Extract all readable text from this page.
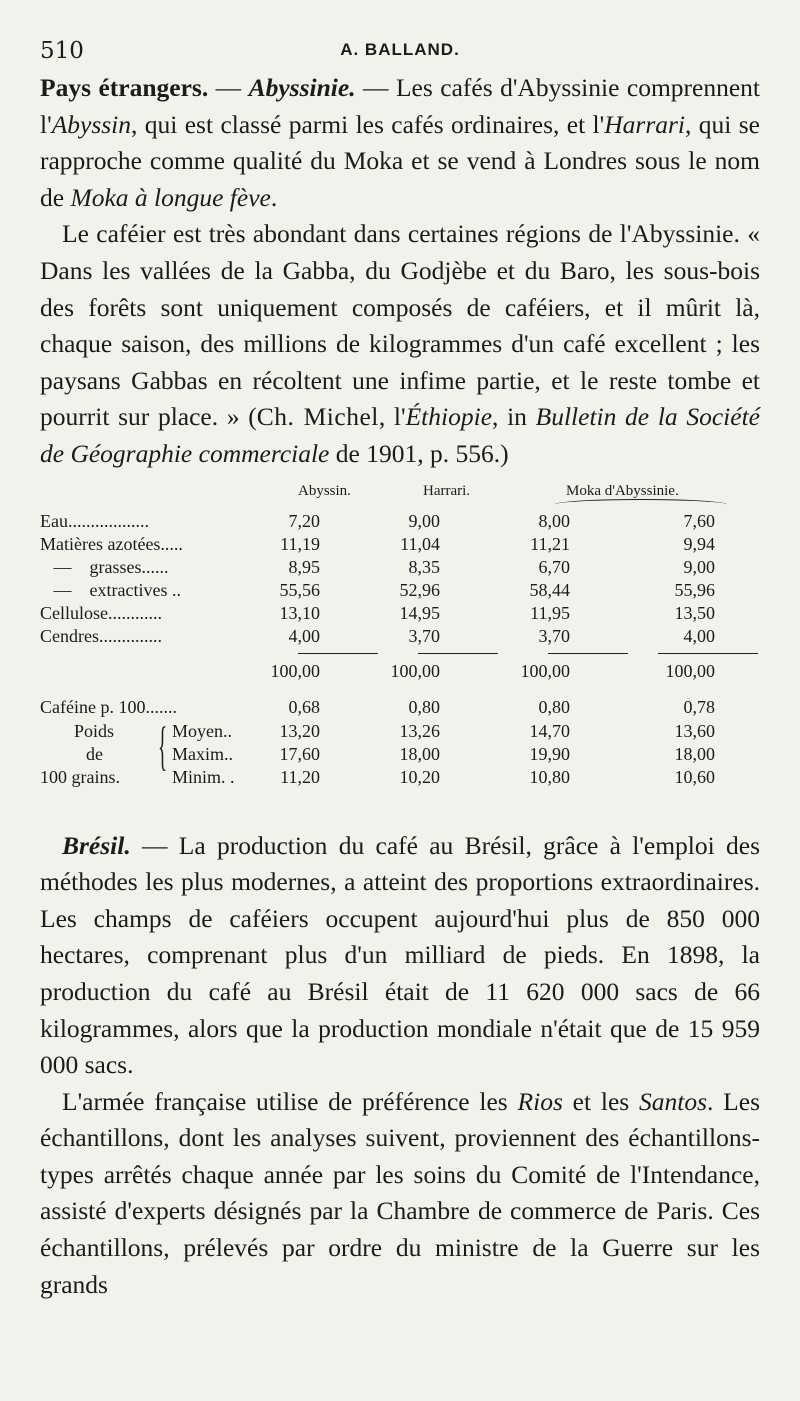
510	A. BALLAND.

Pays étrangers. — Abyssinie. — Les cafés d'Abyssinie comprennent l'Abyssin, qui est classé parmi les cafés ordinaires, et l'Harrari, qui se rapproche comme qualité du Moka et se vend à Londres sous le nom de Moka à longue fève.

Le caféier est très abondant dans certaines régions de l'Abyssinie. « Dans les vallées de la Gabba, du Godjèbe et du Baro, les sous-bois des forêts sont uniquement composés de caféiers, et il mûrit là, chaque saison, des millions de kilogrammes d'un café excellent ; les paysans Gabbas en récoltent une infime partie, et le reste tombe et pourrit sur place. » (Ch. Michel, l'Éthiopie, in Bulletin de la Société de Géographie commerciale de 1901, p. 556.)

Abyssin.	Harrari.	Moka d'Abyssinie.
Eau..................	7,20	9,00	8,00	7,60
Matières azotées.....	11,19	11,04	11,21	9,94
—    grasses......	8,95	8,35	6,70	9,00
—    extractives ..	55,56	52,96	58,44	55,96
Cellulose............	13,10	14,95	11,95	13,50
Cendres..............	4,00	3,70	3,70	4,00
100,00	100,00	100,00	100,00
Caféine p. 100.......	0,68	0,80	0,80	0,78
Poids
de
100 grains.
{ Moyen..	13,20	13,26	14,70	13,60
Maxim..	17,60	18,00	19,90	18,00
Minim. .	11,20	10,20	10,80	10,60

Brésil. — La production du café au Brésil, grâce à l'emploi des méthodes les plus modernes, a atteint des proportions extraordinaires. Les champs de caféiers occupent aujourd'hui plus de 850 000 hectares, comprenant plus d'un milliard de pieds. En 1898, la production du café au Brésil était de 11 620 000 sacs de 66 kilogrammes, alors que la production mondiale n'était que de 15 959 000 sacs.

L'armée française utilise de préférence les Rios et les Santos. Les échantillons, dont les analyses suivent, proviennent des échantillons-types arrêtés chaque année par les soins du Comité de l'Intendance, assisté d'experts désignés par la Chambre de commerce de Paris. Ces échantillons, prélevés par ordre du ministre de la Guerre sur les grands
